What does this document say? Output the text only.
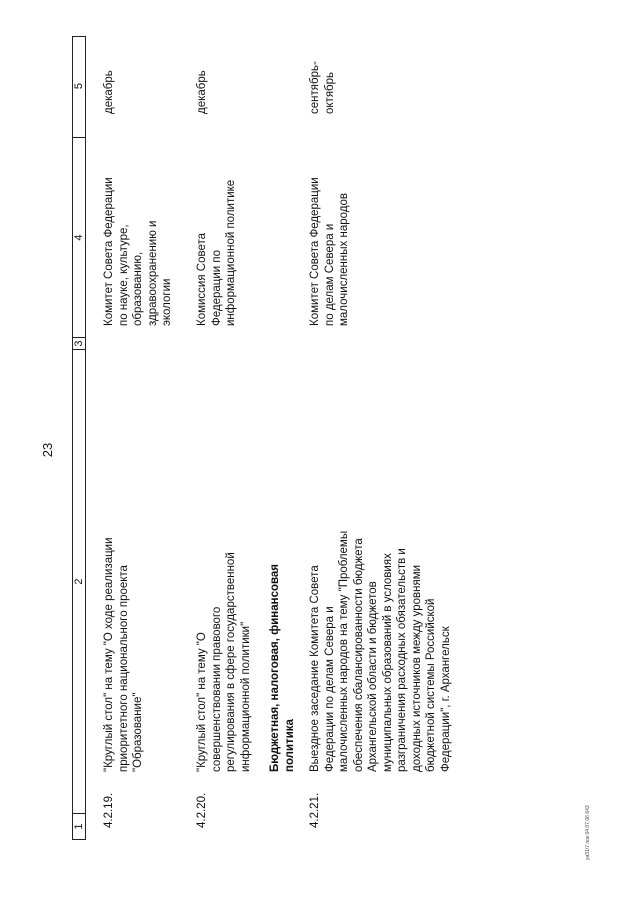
23
1
2
3
4
5
4.2.19.
"Круглый стол" на тему "О ходе реализации
приоритетного национального проекта
"Образование"
Комитет Совета Федерации
по науке, культуре,
образованию,
здравоохранению и
экологии
декабрь
4.2.20.
"Круглый стол" на тему "О
совершенствовании правового
регулирования в сфере государственной
информационной политики"
Комиссия Совета
Федерации по
информационной политике
декабрь
Бюджетная, налоговая, финансовая
политика
4.2.21.
Выездное заседание Комитета Совета
Федерации по делам Севера и
малочисленных народов на тему "Проблемы
обеспечения сбалансированности бюджета
Архангельской области и бюджетов
муниципальных образований в условиях
разграничения расходных обязательств и
доходных источников между уровнями
бюджетной системы Российской
Федерации", г. Архангельск
Комитет Совета Федерации
по делам Севера и
малочисленных народов
сентябрь-
октябрь
уи31\7.пок 04.07.06 643
